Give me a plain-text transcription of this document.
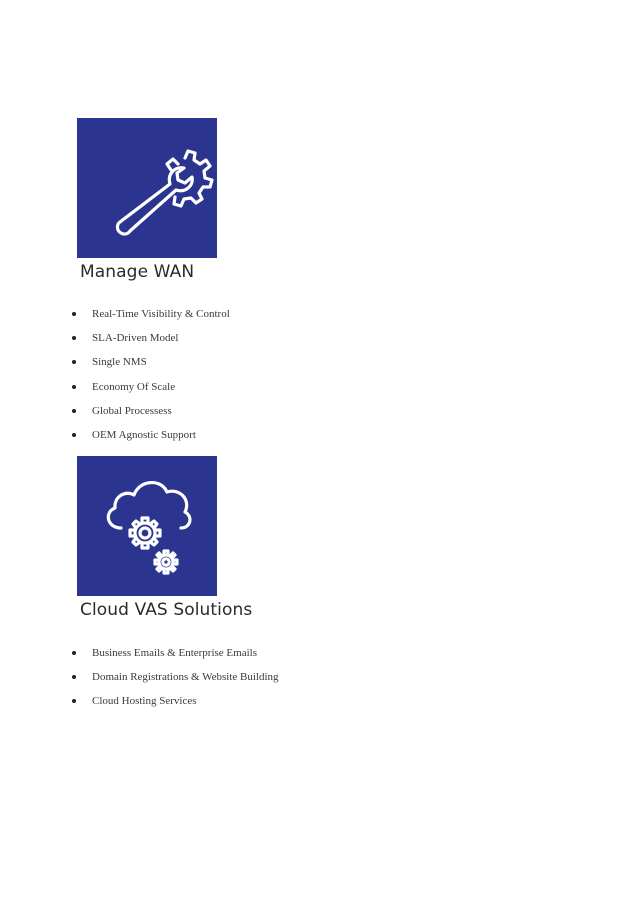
Manage WAN
Real-Time Visibility & Control
SLA-Driven Model
Single NMS
Economy Of Scale
Global Processess
OEM Agnostic Support
Cloud VAS Solutions
Business Emails & Enterprise Emails
Domain Registrations & Website Building
Cloud Hosting Services
